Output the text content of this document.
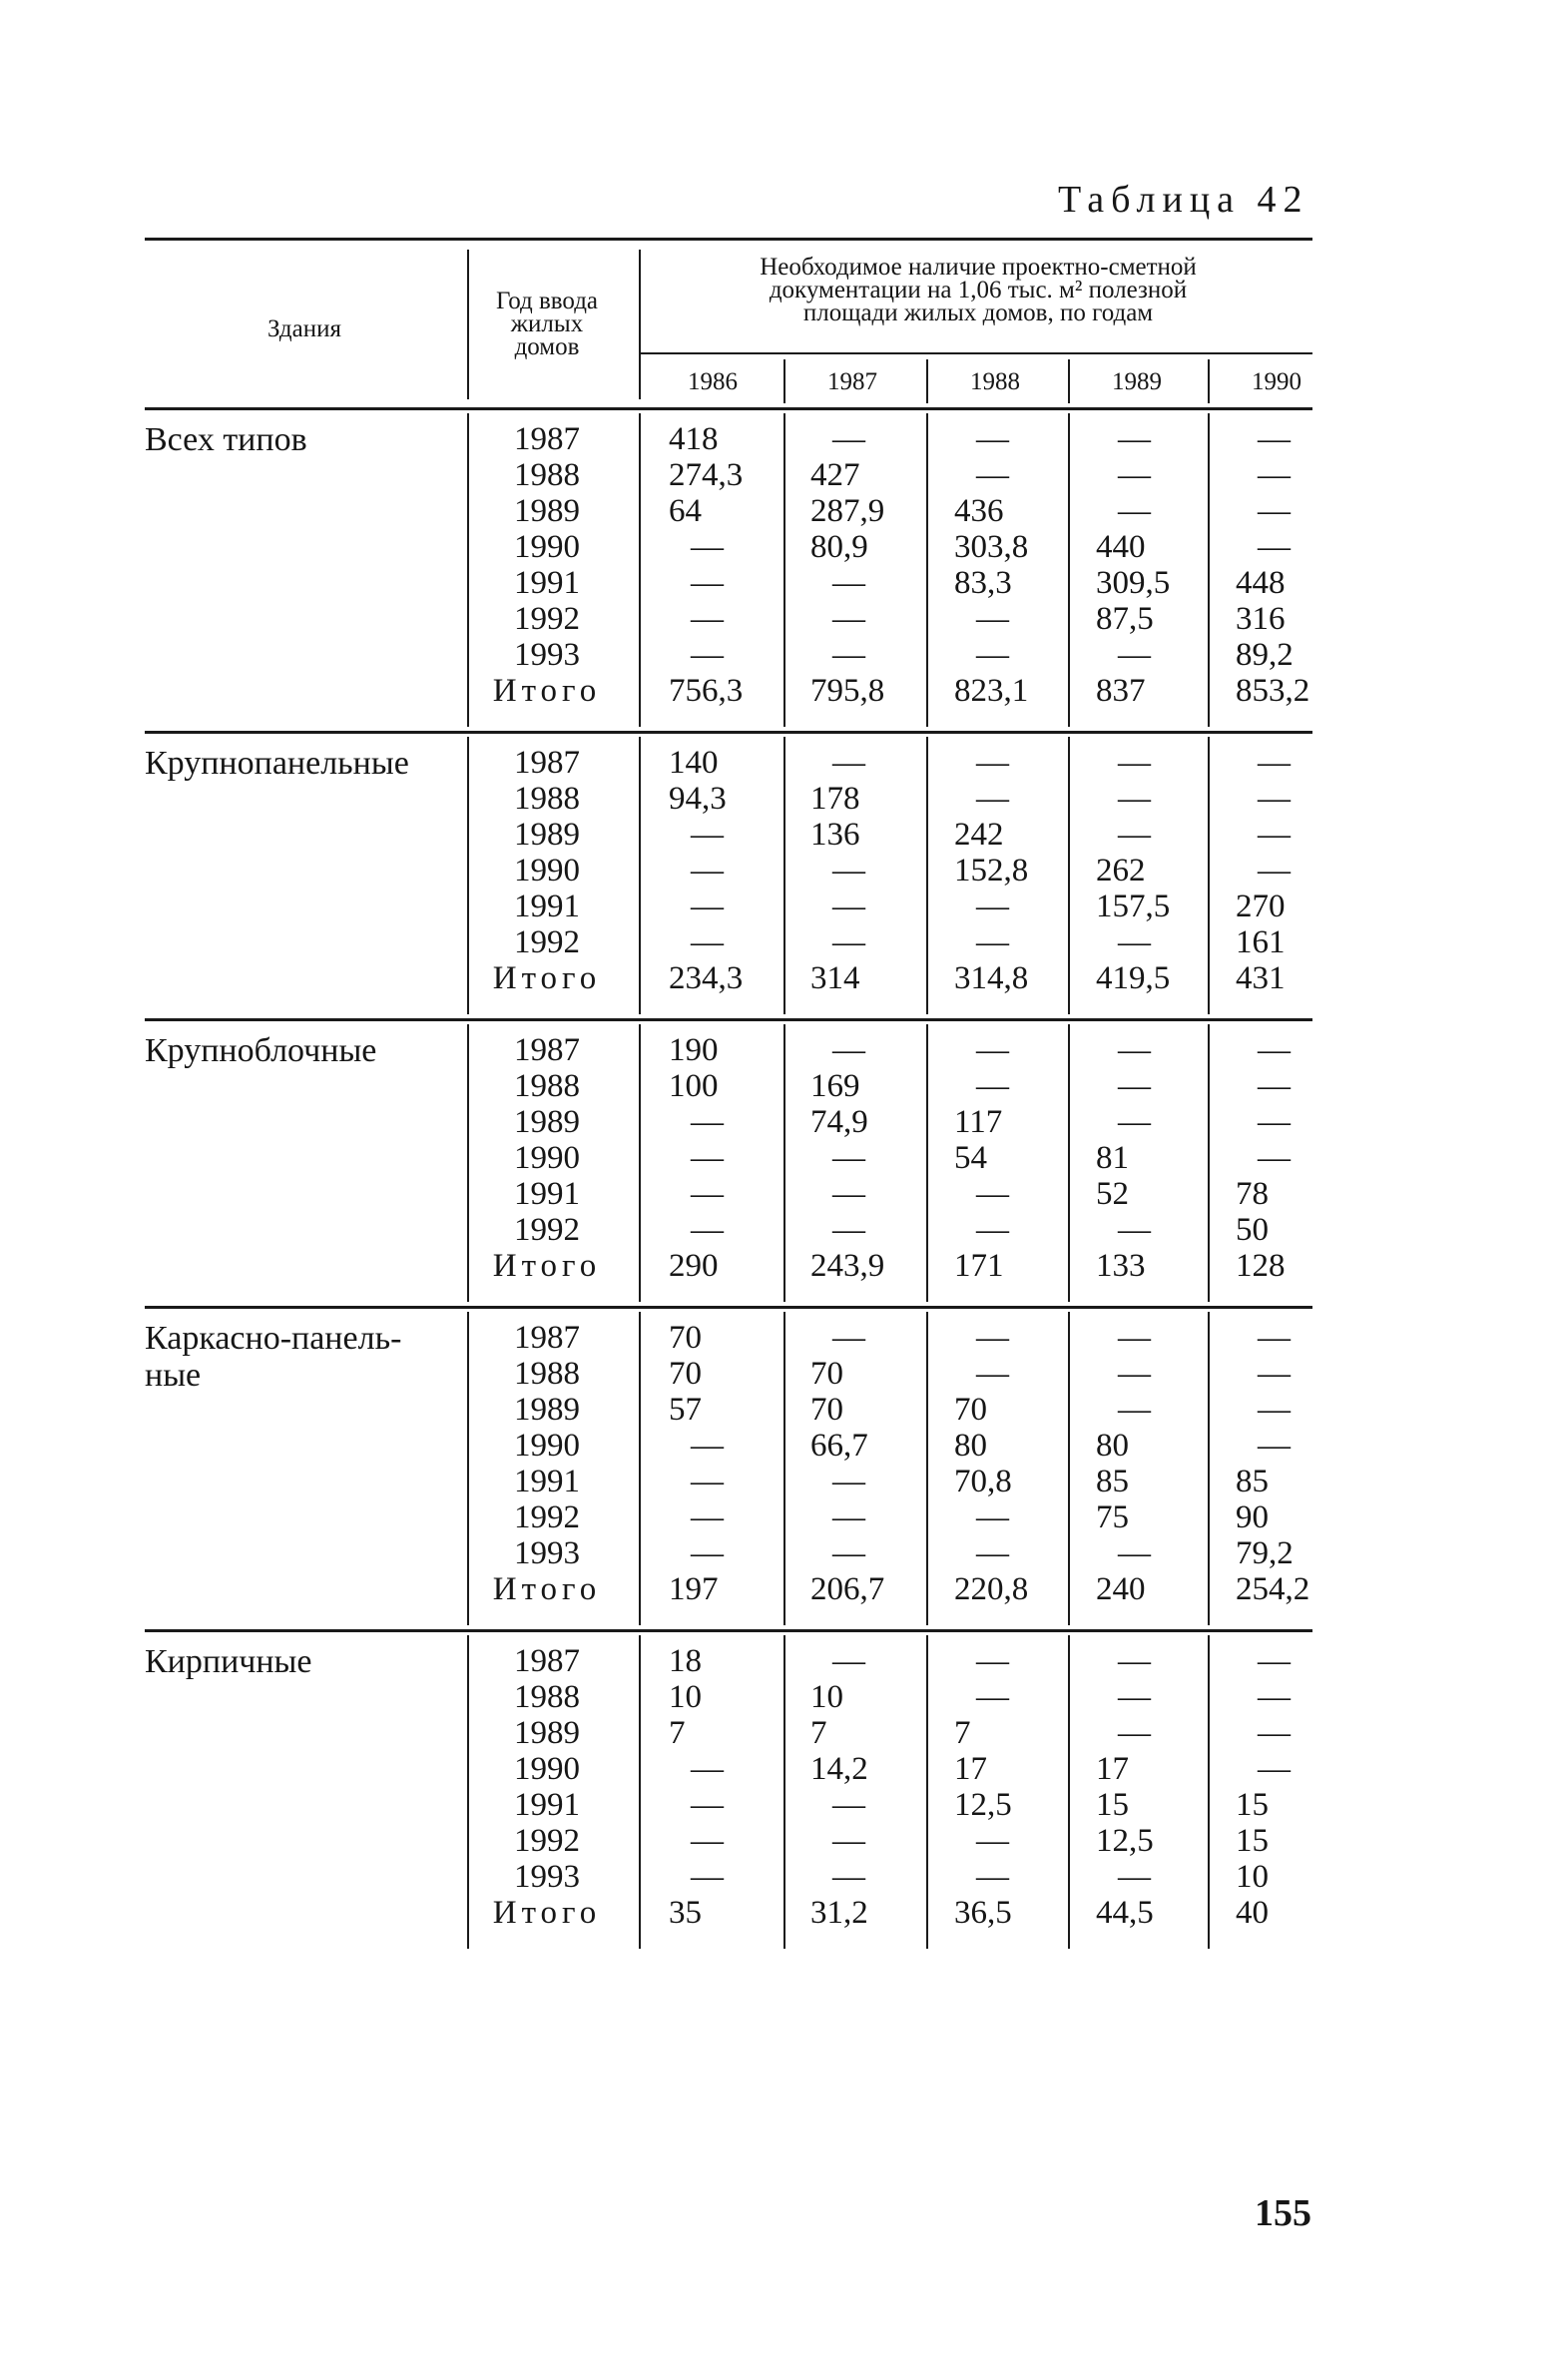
Таблица 42
Здания
Год ввода
жилых
домов
Необходимое наличие проектно-сметной
документации на 1,06 тыс. м² полезной
площади жилых домов, по годам
1986	1987	1988	1989	1990
Всех типов	1987	418	—	—	—	—
1988	274,3	427	—	—	—
1989	64	287,9	436	—	—
1990	—	80,9	303,8	440	—
1991	—	—	83,3	309,5	448
1992	—	—	—	87,5	316
1993	—	—	—	—	89,2
Итого	756,3	795,8	823,1	837	853,2
Крупнопанельные	1987	140	—	—	—	—
1988	94,3	178	—	—	—
1989	—	136	242	—	—
1990	—	—	152,8	262	—
1991	—	—	—	157,5	270
1992	—	—	—	—	161
Итого	234,3	314	314,8	419,5	431
Крупноблочные	1987	190	—	—	—	—
1988	100	169	—	—	—
1989	—	74,9	117	—	—
1990	—	—	54	81	—
1991	—	—	—	52	78
1992	—	—	—	—	50
Итого	290	243,9	171	133	128
Каркасно-панель-
ные
1987	70	—	—	—	—
1988	70	70	—	—	—
1989	57	70	70	—	—
1990	—	66,7	80	80	—
1991	—	—	70,8	85	85
1992	—	—	—	75	90
1993	—	—	—	—	79,2
Итого	197	206,7	220,8	240	254,2
Кирпичные	1987	18	—	—	—	—
1988	10	10	—	—	—
1989	7	7	7	—	—
1990	—	14,2	17	17	—
1991	—	—	12,5	15	15
1992	—	—	—	12,5	15
1993	—	—	—	—	10
Итого	35	31,2	36,5	44,5	40
155
